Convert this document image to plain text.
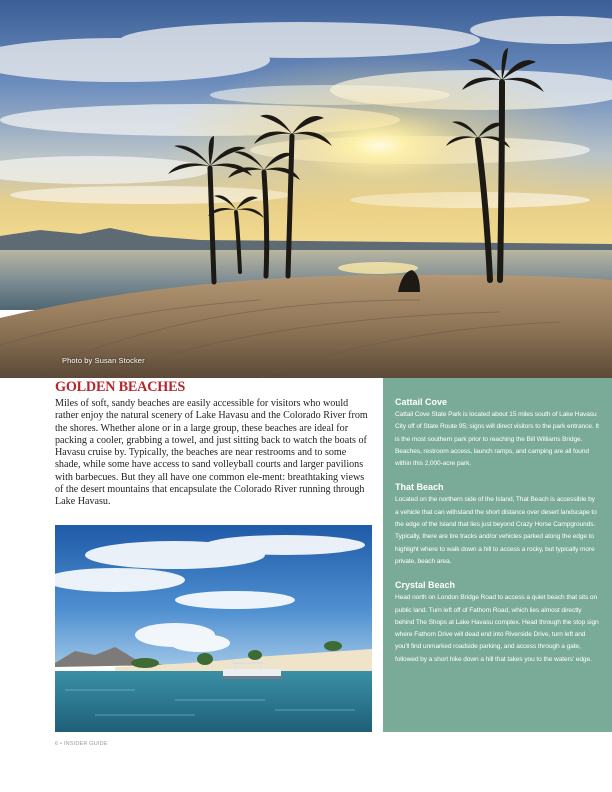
Photo by Susan Stocker
GOLDEN BEACHES

Miles of soft, sandy beaches are easily accessible for visitors who would rather enjoy the natural scenery of Lake Havasu and the Colorado River from the shores. Whether alone or in a large group, these beaches are ideal for packing a cooler, grabbing a towel, and just sitting back to watch the boats of Havasu cruise by. Typically, the beaches are near restrooms and to some shade, while some have access to sand volleyball courts and larger pavilions with barbecues. But they all have one common ele-ment: breathtaking views of the desert mountains that encapsulate the Colorado River running through Lake Havasu.

Cattail Cove

Cattail Cove State Park is located about 15 miles south of Lake Havasu City off of State Route 95; signs will direct visitors to the park entrance. It is the most southern park prior to reaching the Bill Williams Bridge. Beaches, restroom access, launch ramps, and camping are all found within this 2,000-acre park.

That Beach

Located on the northern side of the Island, That Beach is accessible by a vehicle that can withstand the short distance over desert landscape to the edge of the Island that lies just beyond Crazy Horse Campgrounds. Typically, there are tire tracks and/or vehicles parked along the edge to highlight where to walk down a hill to access a rocky, but typically more private, beach area.

Crystal Beach

Head north on London Bridge Road to access a quiet beach that sits on public land. Turn left off of Fathom Road, which lies almost directly behind The Shops at Lake Havasu complex. Head through the stop sign where Fathom Drive will dead end into Riverside Drive, turn left and you'll find unmarked roadside parking, and access through a gate, followed by a short hike down a hill that takes you to the waters' edge.

6 • INSIDER GUIDE
